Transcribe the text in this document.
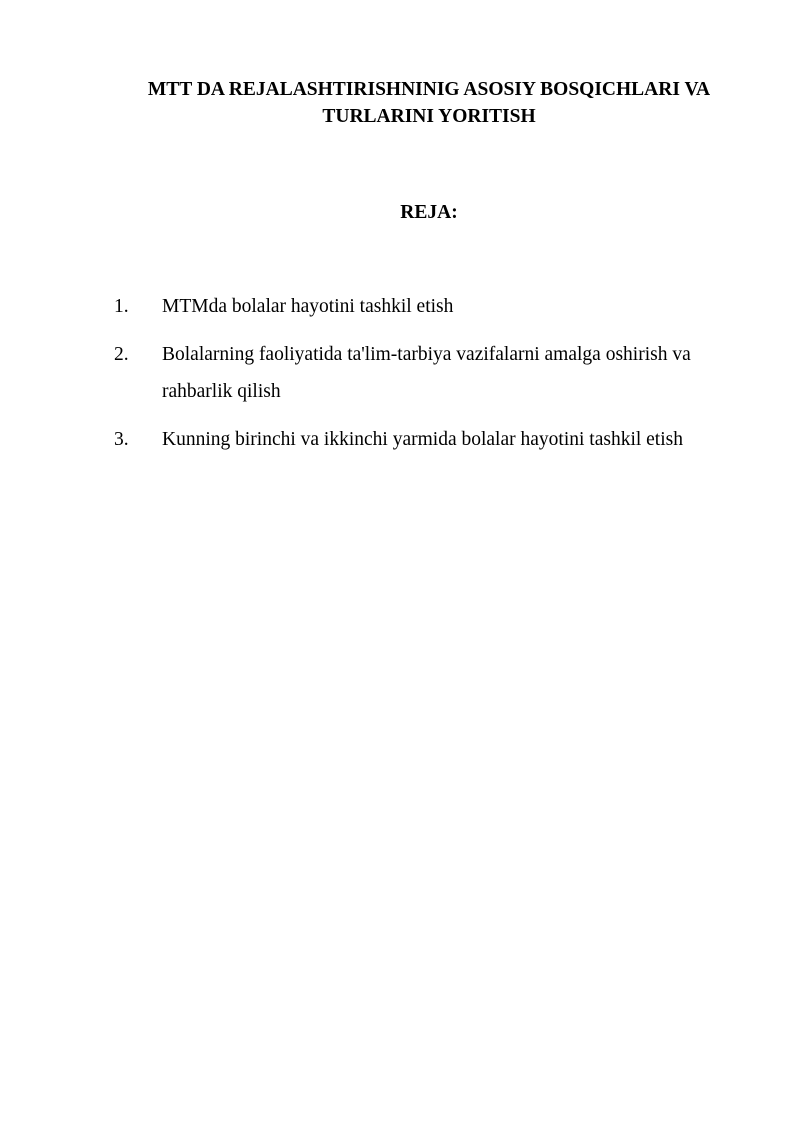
MTT DA REJALASHTIRISHNINIG ASOSIY BOSQICHLARI VA
TURLARINI YORITISH
REJA:
1. MTMda bolalar hayotini tashkil etish
2. Bolalarning faoliyatida ta'lim-tarbiya vazifalarni amalga oshirish va
rahbarlik qilish
3. Kunning birinchi va ikkinchi yarmida bolalar hayotini tashkil etish
